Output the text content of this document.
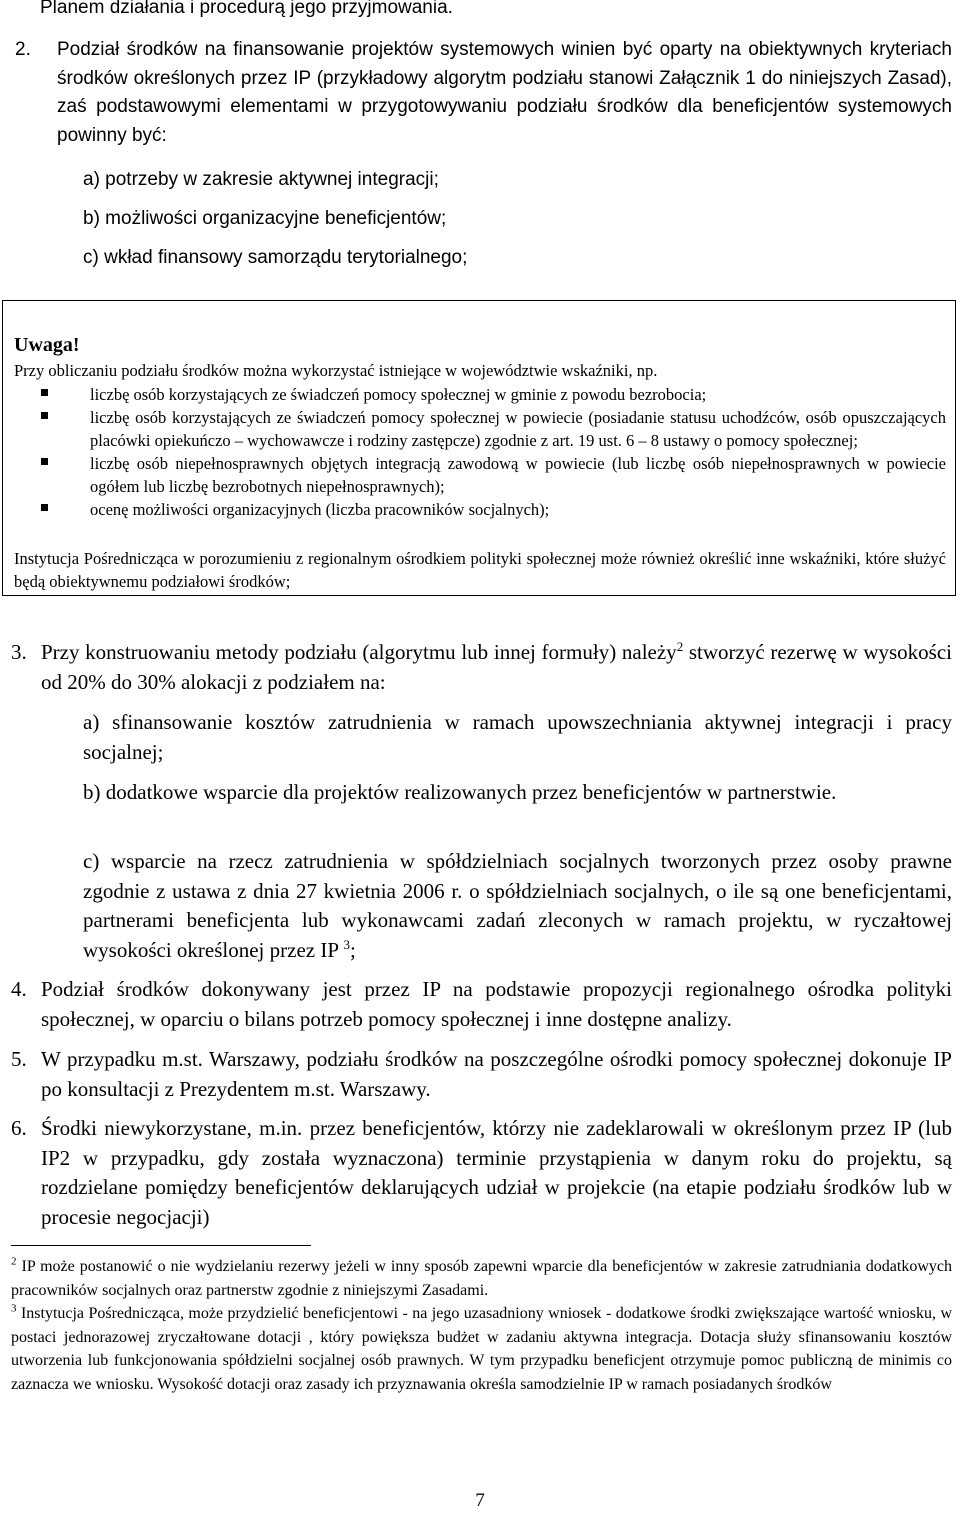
Planem działania i procedurą jego przyjmowania.
2.	Podział środków na finansowanie projektów systemowych winien być oparty na obiektywnych kryteriach środków określonych przez IP (przykładowy algorytm podziału stanowi Załącznik 1 do niniejszych Zasad), zaś podstawowymi elementami w przygotowywaniu podziału środków dla beneficjentów systemowych powinny być:
a) potrzeby w zakresie aktywnej integracji;
b) możliwości organizacyjne beneficjentów;
c) wkład finansowy samorządu terytorialnego;
Uwaga!
Przy obliczaniu podziału środków można wykorzystać istniejące w województwie wskaźniki, np.
liczbę osób korzystających ze świadczeń pomocy społecznej w gminie z powodu bezrobocia;
liczbę osób korzystających ze świadczeń pomocy społecznej w powiecie (posiadanie statusu uchodźców, osób opuszczających placówki opiekuńczo – wychowawcze i rodziny zastępcze) zgodnie z art. 19 ust. 6 – 8 ustawy o pomocy społecznej;
liczbę osób niepełnosprawnych objętych integracją zawodową w powiecie (lub liczbę osób niepełnosprawnych w powiecie ogółem lub liczbę bezrobotnych niepełnosprawnych);
ocenę możliwości organizacyjnych (liczba pracowników socjalnych);
Instytucja Pośrednicząca w porozumieniu z regionalnym ośrodkiem polityki społecznej może również określić inne wskaźniki, które służyć będą obiektywnemu podziałowi środków;
3. Przy konstruowaniu metody podziału (algorytmu lub innej formuły) należy$^2$ stworzyć rezerwę w wysokości od 20% do 30% alokacji z podziałem na:
a) sfinansowanie kosztów zatrudnienia w ramach upowszechniania aktywnej integracji i pracy socjalnej;
b) dodatkowe wsparcie dla projektów realizowanych przez beneficjentów w partnerstwie.
c) wsparcie na rzecz zatrudnienia w spółdzielniach socjalnych tworzonych przez osoby prawne zgodnie z ustawa z dnia 27 kwietnia 2006 r. o spółdzielniach socjalnych, o ile są one beneficjentami, partnerami beneficjenta lub wykonawcami zadań zleconych w ramach projektu, w ryczałtowej wysokości określonej przez IP $^3$;
4. Podział środków dokonywany jest przez IP na podstawie propozycji regionalnego ośrodka polityki społecznej, w oparciu o bilans potrzeb pomocy społecznej i inne dostępne analizy.
5. W przypadku m.st. Warszawy, podziału środków na poszczególne ośrodki pomocy społecznej dokonuje IP po konsultacji z Prezydentem m.st. Warszawy.
6. Środki niewykorzystane, m.in. przez beneficjentów, którzy nie zadeklarowali w określonym przez IP (lub IP2 w przypadku, gdy została wyznaczona) terminie przystąpienia w danym roku do projektu, są rozdzielane pomiędzy beneficjentów deklarujących udział w projekcie (na etapie podziału środków lub w procesie negocjacji)
$^2$ IP może postanowić o nie wydzielaniu rezerwy jeżeli w inny sposób zapewni wparcie dla beneficjentów w zakresie zatrudniania dodatkowych pracowników socjalnych oraz partnerstw zgodnie z niniejszymi Zasadami.
$^3$ Instytucja Pośrednicząca, może przydzielić beneficjentowi - na jego uzasadniony wniosek - dodatkowe środki zwiększające wartość wniosku, w postaci jednorazowej zryczałtowane dotacji , który powiększa budżet w zadaniu aktywna integracja. Dotacja służy sfinansowaniu kosztów utworzenia lub funkcjonowania spółdzielni socjalnej osób prawnych. W tym przypadku beneficjent otrzymuje pomoc publiczną de minimis co zaznacza we wniosku. Wysokość dotacji oraz zasady ich przyznawania określa samodzielnie IP w ramach posiadanych środków
7
